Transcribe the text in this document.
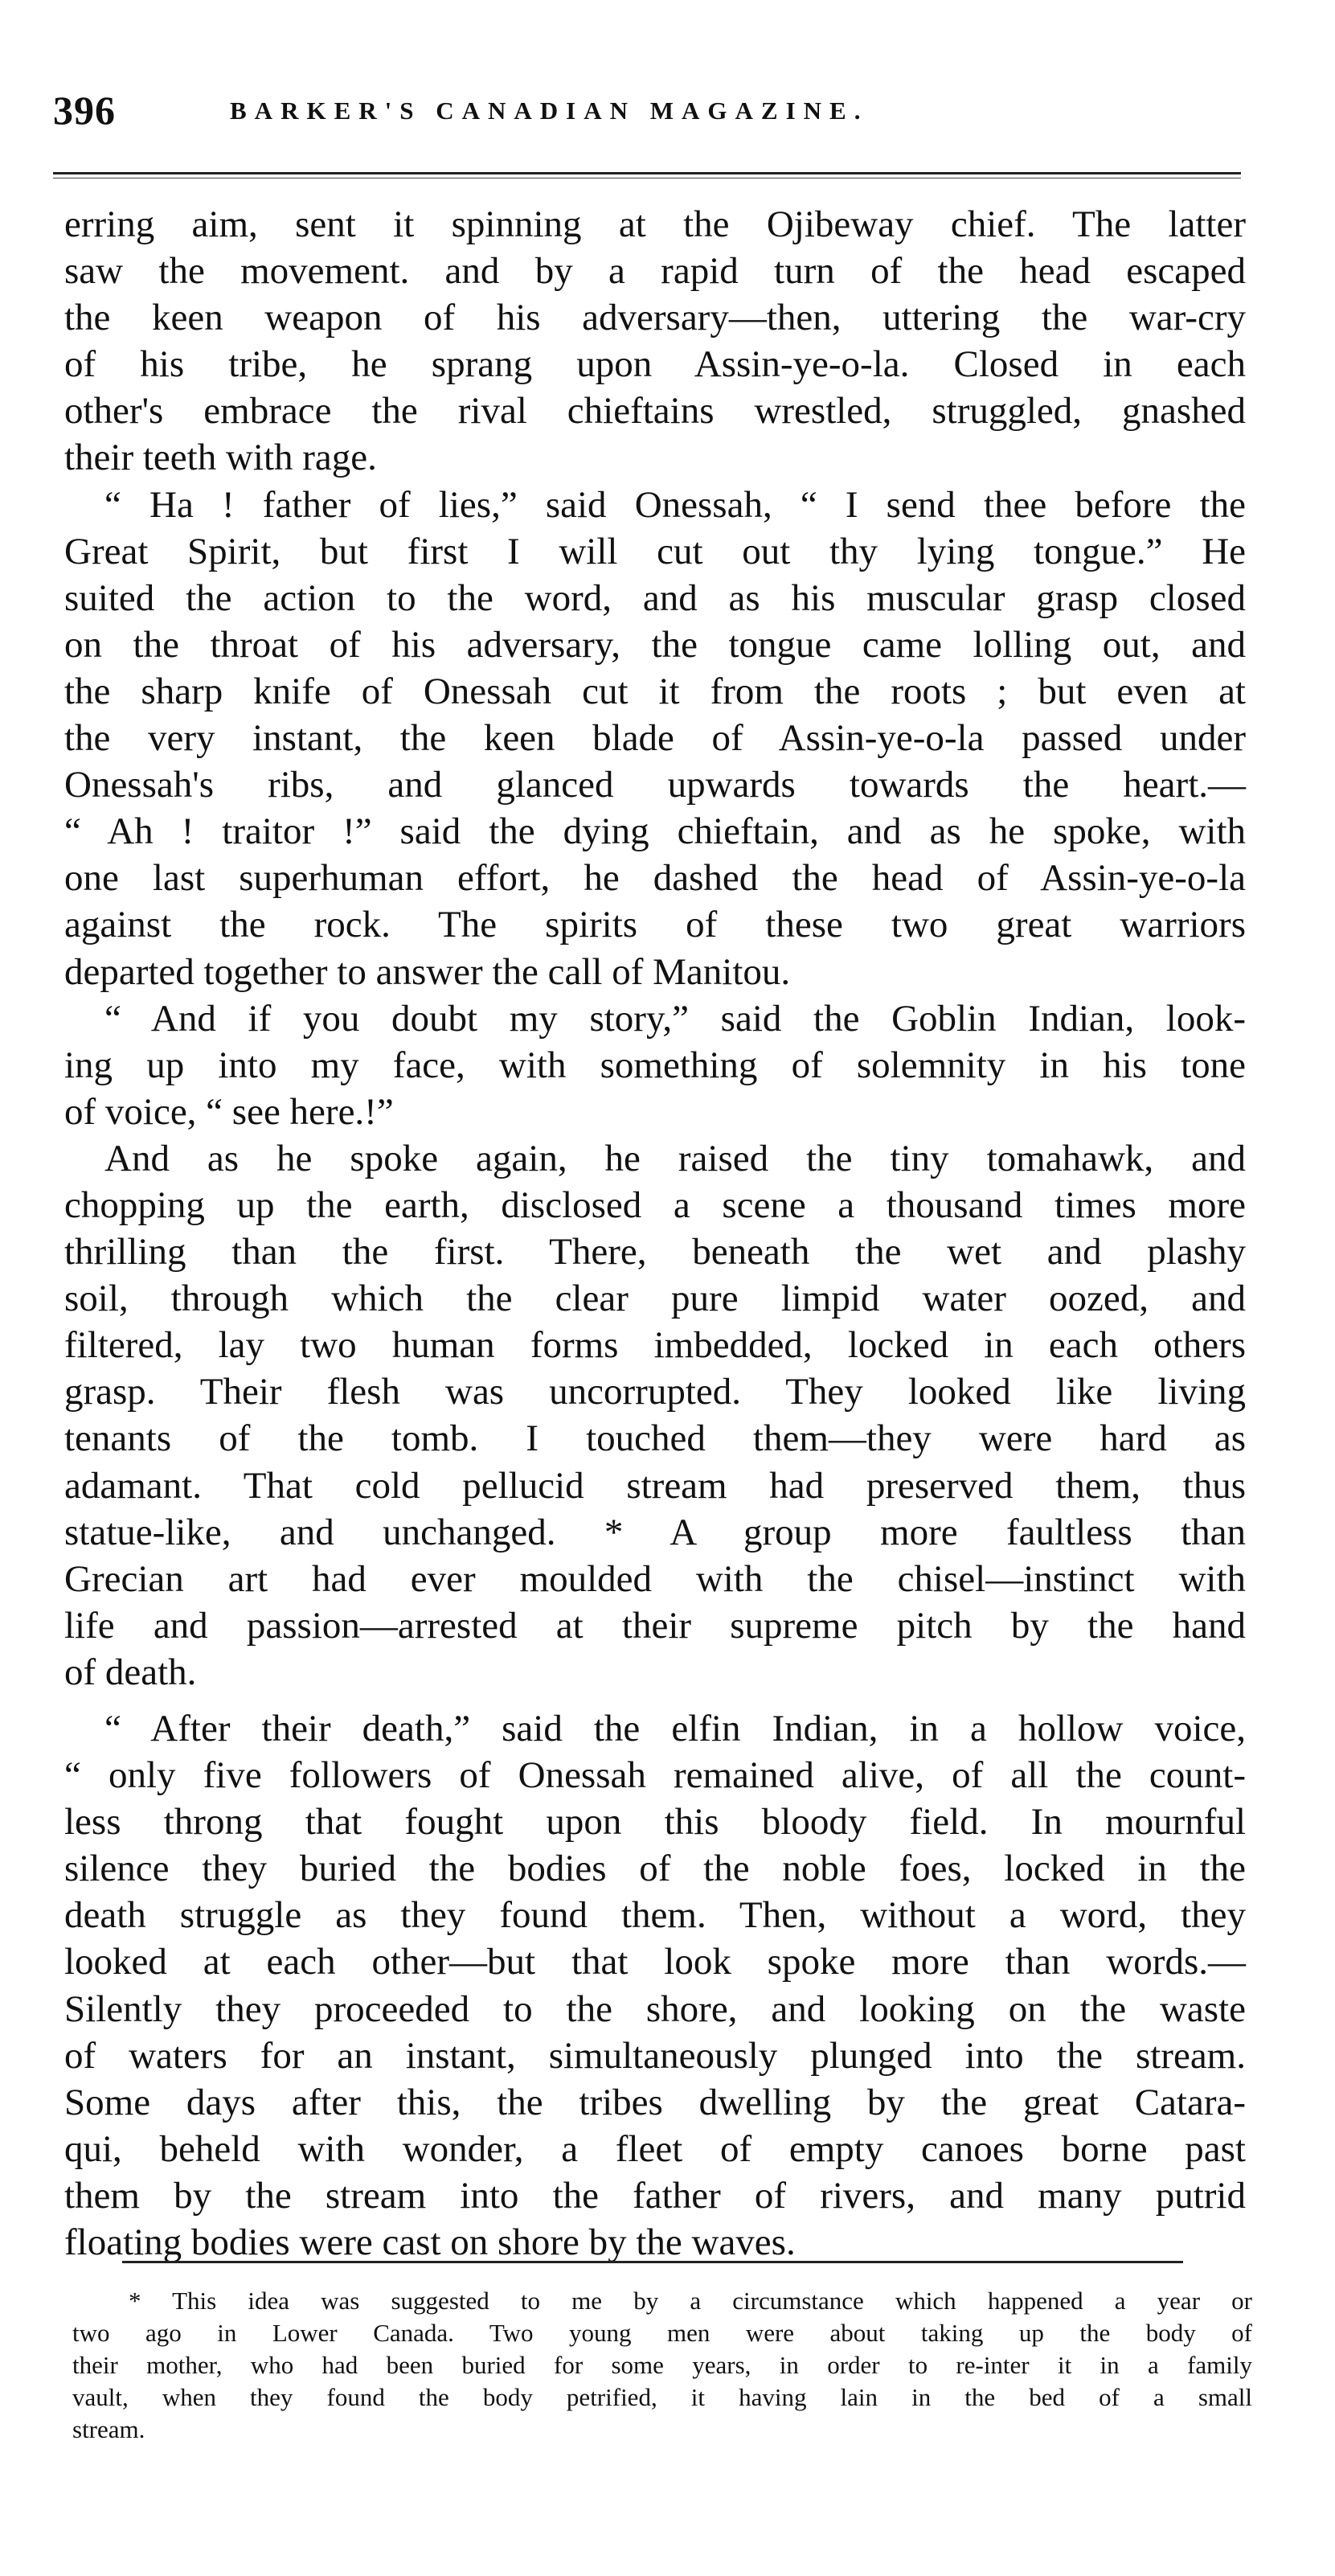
396	BARKER'S CANADIAN MAGAZINE.
erring aim, sent it spinning at the Ojibeway chief. The latter
saw the movement. and by a rapid turn of the head escaped
the keen weapon of his adversary—then, uttering the war-cry
of his tribe, he sprang upon Assin-ye-o-la. Closed in each
other's embrace the rival chieftains wrestled, struggled, gnashed
their teeth with rage.
“ Ha ! father of lies,” said Onessah, “ I send thee before the
Great Spirit, but first I will cut out thy lying tongue.” He
suited the action to the word, and as his muscular grasp closed
on the throat of his adversary, the tongue came lolling out, and
the sharp knife of Onessah cut it from the roots ; but even at
the very instant, the keen blade of Assin-ye-o-la passed under
Onessah's ribs, and glanced upwards towards the heart.—
“ Ah ! traitor !” said the dying chieftain, and as he spoke, with
one last superhuman effort, he dashed the head of Assin-ye-o-la
against the rock. The spirits of these two great warriors
departed together to answer the call of Manitou.
“ And if you doubt my story,” said the Goblin Indian, look-
ing up into my face, with something of solemnity in his tone
of voice, “ see here.!”
And as he spoke again, he raised the tiny tomahawk, and
chopping up the earth, disclosed a scene a thousand times more
thrilling than the first. There, beneath the wet and plashy
soil, through which the clear pure limpid water oozed, and
filtered, lay two human forms imbedded, locked in each others
grasp. Their flesh was uncorrupted. They looked like living
tenants of the tomb. I touched them—they were hard as
adamant. That cold pellucid stream had preserved them, thus
statue-like, and unchanged. * A group more faultless than
Grecian art had ever moulded with the chisel—instinct with
life and passion—arrested at their supreme pitch by the hand
of death.
“ After their death,” said the elfin Indian, in a hollow voice,
“ only five followers of Onessah remained alive, of all the count-
less throng that fought upon this bloody field. In mournful
silence they buried the bodies of the noble foes, locked in the
death struggle as they found them. Then, without a word, they
looked at each other—but that look spoke more than words.—
Silently they proceeded to the shore, and looking on the waste
of waters for an instant, simultaneously plunged into the stream.
Some days after this, the tribes dwelling by the great Catara-
qui, beheld with wonder, a fleet of empty canoes borne past
them by the stream into the father of rivers, and many putrid
floating bodies were cast on shore by the waves.
* This idea was suggested to me by a circumstance which happened a year or
two ago in Lower Canada. Two young men were about taking up the body of
their mother, who had been buried for some years, in order to re-inter it in a family
vault, when they found the body petrified, it having lain in the bed of a small
stream.
